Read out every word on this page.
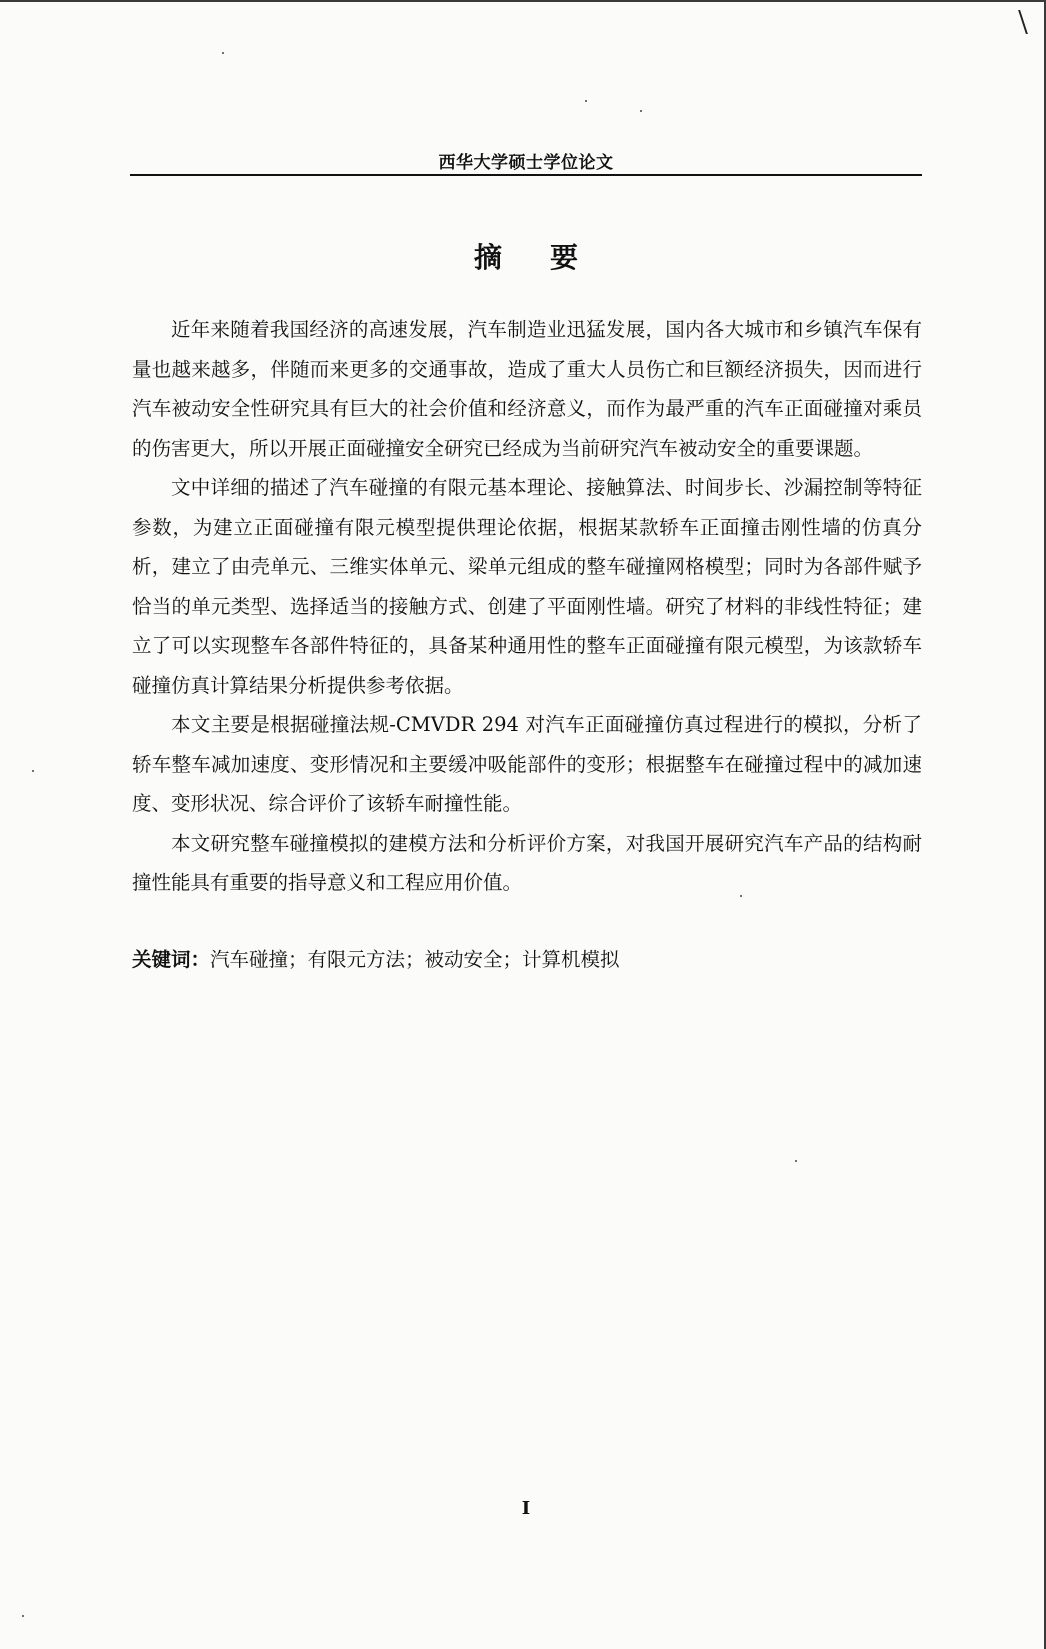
西华大学硕士学位论文
摘要

近年来随着我国经济的高速发展，汽车制造业迅猛发展，国内各大城市和乡镇汽车保有量也越来越多，伴随而来更多的交通事故，造成了重大人员伤亡和巨额经济损失，因而进行汽车被动安全性研究具有巨大的社会价值和经济意义，而作为最严重的汽车正面碰撞对乘员的伤害更大，所以开展正面碰撞安全研究已经成为当前研究汽车被动安全的重要课题。

文中详细的描述了汽车碰撞的有限元基本理论、接触算法、时间步长、沙漏控制等特征参数，为建立正面碰撞有限元模型提供理论依据，根据某款轿车正面撞击刚性墙的仿真分析，建立了由壳单元、三维实体单元、梁单元组成的整车碰撞网格模型；同时为各部件赋予恰当的单元类型、选择适当的接触方式、创建了平面刚性墙。研究了材料的非线性特征；建立了可以实现整车各部件特征的，具备某种通用性的整车正面碰撞有限元模型，为该款轿车碰撞仿真计算结果分析提供参考依据。

本文主要是根据碰撞法规-CMVDR 294 对汽车正面碰撞仿真过程进行的模拟，分析了轿车整车减加速度、变形情况和主要缓冲吸能部件的变形；根据整车在碰撞过程中的减加速度、变形状况、综合评价了该轿车耐撞性能。

本文研究整车碰撞模拟的建模方法和分析评价方案，对我国开展研究汽车产品的结构耐撞性能具有重要的指导意义和工程应用价值。

关键词：汽车碰撞；有限元方法；被动安全；计算机模拟
I
